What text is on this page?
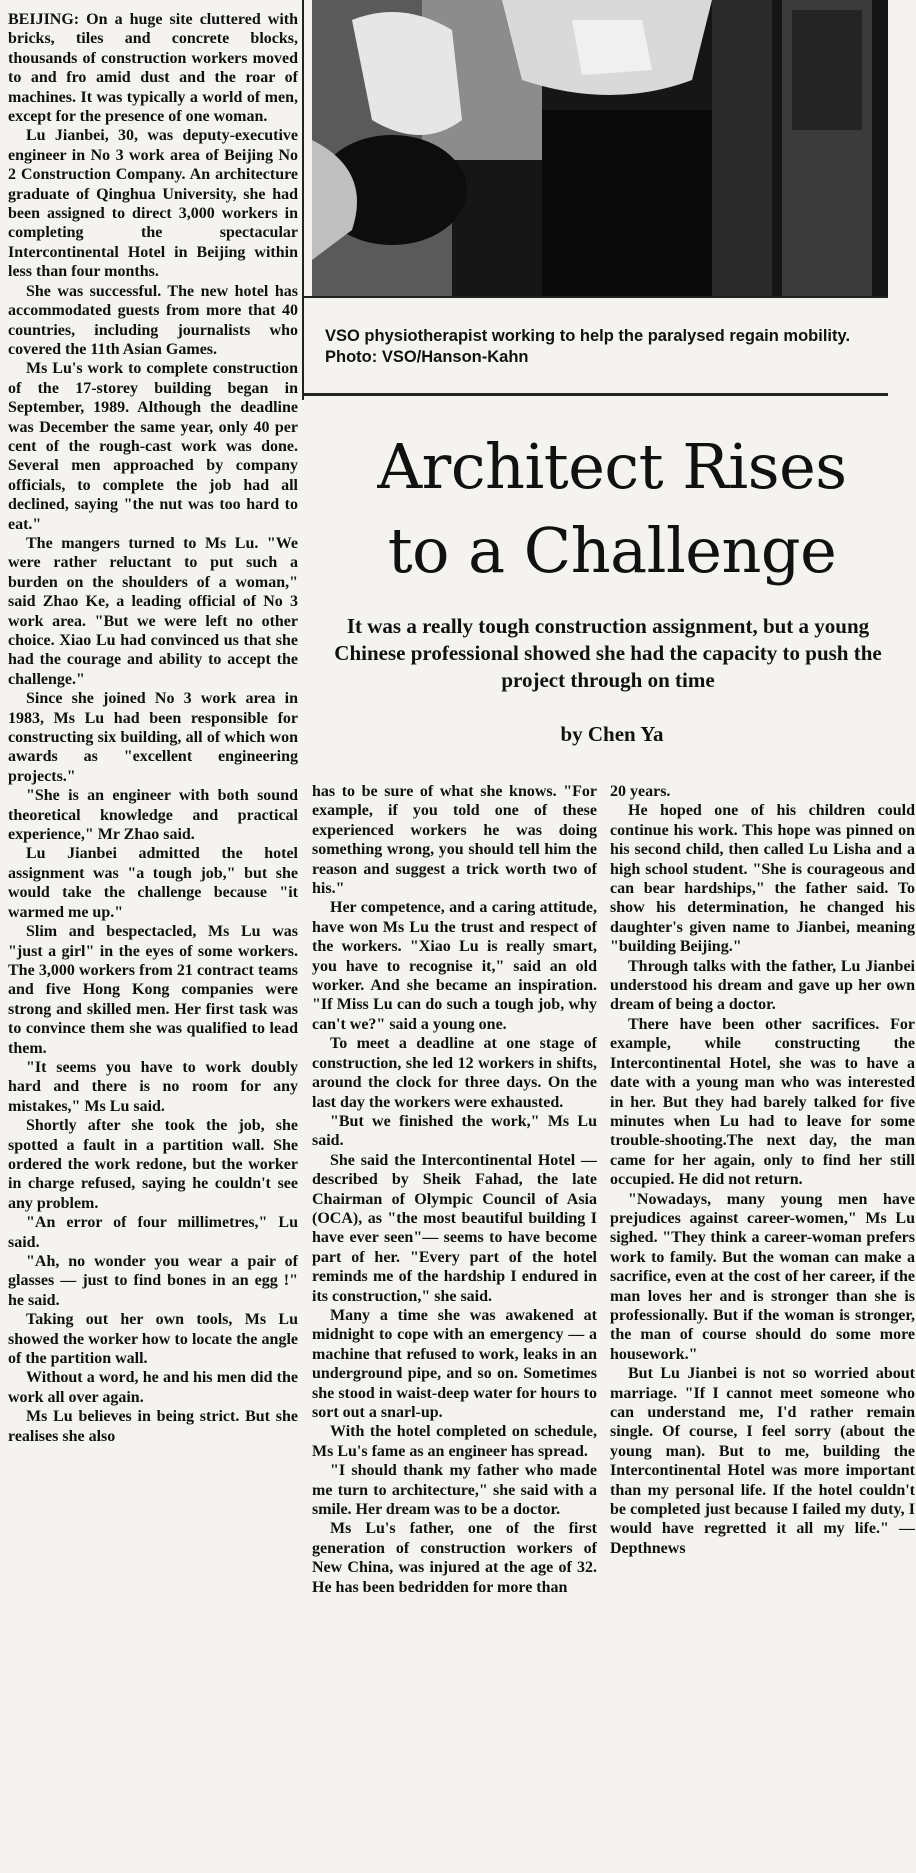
BEIJING: On a huge site cluttered with bricks, tiles and concrete blocks, thousands of construction workers moved to and fro amid dust and the roar of machines. It was typically a world of men, except for the presence of one woman.

Lu Jianbei, 30, was deputy-executive engineer in No 3 work area of Beijing No 2 Construction Company. An architecture graduate of Qinghua University, she had been assigned to direct 3,000 workers in completing the spectacular Intercontinental Hotel in Beijing within less than four months.

She was successful. The new hotel has accommodated guests from more that 40 countries, including journalists who covered the 11th Asian Games.

Ms Lu's work to complete construction of the 17-storey building began in September, 1989. Although the deadline was December the same year, only 40 per cent of the rough-cast work was done. Several men approached by company officials, to complete the job had all declined, saying "the nut was too hard to eat."

The mangers turned to Ms Lu. "We were rather reluctant to put such a burden on the shoulders of a woman," said Zhao Ke, a leading official of No 3 work area. "But we were left no other choice. Xiao Lu had convinced us that she had the courage and ability to accept the challenge."

Since she joined No 3 work area in 1983, Ms Lu had been responsible for constructing six building, all of which won awards as "excellent engineering projects."

"She is an engineer with both sound theoretical knowledge and practical experience," Mr Zhao said.

Lu Jianbei admitted the hotel assignment was "a tough job," but she would take the challenge because "it warmed me up."

Slim and bespectacled, Ms Lu was "just a girl" in the eyes of some workers. The 3,000 workers from 21 contract teams and five Hong Kong companies were strong and skilled men. Her first task was to convince them she was qualified to lead them.

"It seems you have to work doubly hard and there is no room for any mistakes," Ms Lu said.

Shortly after she took the job, she spotted a fault in a partition wall. She ordered the work redone, but the worker in charge refused, saying he couldn't see any problem.

"An error of four millimetres," Lu said.

"Ah, no wonder you wear a pair of glasses — just to find bones in an egg !" he said.

Taking out her own tools, Ms Lu showed the worker how to locate the angle of the partition wall.

Without a word, he and his men did the work all over again.

Ms Lu believes in being strict. But she realises she also

VSO physiotherapist working to help the paralysed regain mobility. Photo: VSO/Hanson-Kahn
Architect Rises
to a Challenge
It was a really tough construction assignment, but a young Chinese professional showed she had the capacity to push the project through on time
by Chen Ya

has to be sure of what she knows. "For example, if you told one of these experienced workers he was doing something wrong, you should tell him the reason and suggest a trick worth two of his."

Her competence, and a caring attitude, have won Ms Lu the trust and respect of the workers. "Xiao Lu is really smart, you have to recognise it," said an old worker. And she became an inspiration. "If Miss Lu can do such a tough job, why can't we?" said a young one.

To meet a deadline at one stage of construction, she led 12 workers in shifts, around the clock for three days. On the last day the workers were exhausted.

"But we finished the work," Ms Lu said.

She said the Intercontinental Hotel — described by Sheik Fahad, the late Chairman of Olympic Council of Asia (OCA), as "the most beautiful building I have ever seen"— seems to have become part of her. "Every part of the hotel reminds me of the hardship I endured in its construction," she said.

Many a time she was awakened at midnight to cope with an emergency — a machine that refused to work, leaks in an underground pipe, and so on. Sometimes she stood in waist-deep water for hours to sort out a snarl-up.

With the hotel completed on schedule, Ms Lu's fame as an engineer has spread.

"I should thank my father who made me turn to architecture," she said with a smile. Her dream was to be a doctor.

Ms Lu's father, one of the first generation of construction workers of New China, was injured at the age of 32. He has been bedridden for more than

20 years.

He hoped one of his children could continue his work. This hope was pinned on his second child, then called Lu Lisha and a high school student. "She is courageous and can bear hardships," the father said. To show his determination, he changed his daughter's given name to Jianbei, meaning "building Beijing."

Through talks with the father, Lu Jianbei understood his dream and gave up her own dream of being a doctor.

There have been other sacrifices. For example, while constructing the Intercontinental Hotel, she was to have a date with a young man who was interested in her. But they had barely talked for five minutes when Lu had to leave for some trouble-shooting.The next day, the man came for her again, only to find her still occupied. He did not return.

"Nowadays, many young men have prejudices against career-women," Ms Lu sighed. "They think a career-woman prefers work to family. But the woman can make a sacrifice, even at the cost of her career, if the man loves her and is stronger than she is professionally. But if the woman is stronger, the man of course should do some more housework."

But Lu Jianbei is not so worried about marriage. "If I cannot meet someone who can understand me, I'd rather remain single. Of course, I feel sorry (about the young man). But to me, building the Intercontinental Hotel was more important than my personal life. If the hotel couldn't be completed just because I failed my duty, I would have regretted it all my life." — Depthnews
